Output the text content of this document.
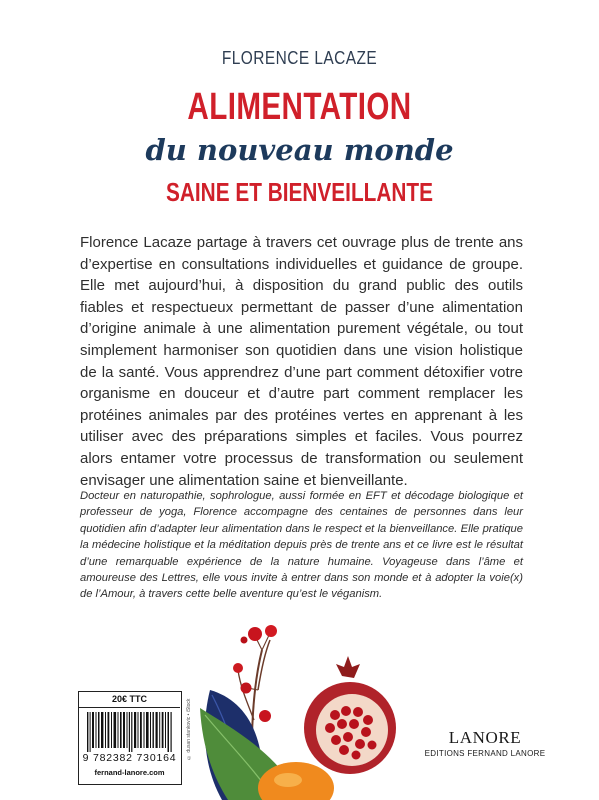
FLORENCE LACAZE
ALIMENTATION
du nouveau monde
SAINE ET BIENVEILLANTE

Florence Lacaze partage à travers cet ouvrage plus de trente ans d’expertise en consultations individuelles et guidance de groupe. Elle met aujourd’hui, à disposition du grand public des outils fiables et respectueux permettant de passer d’une alimentation d’origine animale à une alimentation purement végétale, ou tout simplement harmoniser son quotidien dans une vision holistique de la santé. Vous apprendrez d’une part comment détoxifier votre organisme en douceur et d’autre part comment remplacer les protéines animales par des protéines vertes en apprenant à les utiliser avec des préparations simples et faciles. Vous pourrez alors entamer votre processus de transformation ou seulement envisager une alimentation saine et bienveillante.

Docteur en naturopathie, sophrologue, aussi formée en EFT et décodage biologique et professeur de yoga, Florence accompagne des centaines de personnes dans leur quotidien afin d’adapter leur alimentation dans le respect et la bienveillance. Elle pratique la médecine holistique et la méditation depuis près de trente ans et ce livre est le résultat d’une remarquable expérience de la nature humaine. Voyageuse dans l’âme et amoureuse des Lettres, elle vous invite à entrer dans son monde et à adopter la voie(x) de l’Amour, à travers cette belle aventure qu’est le véganism.

© dusan stankovic • iStock
20€ TTC
9 782382 730164
fernand-lanore.com
LANORE
EDITIONS FERNAND LANORE
